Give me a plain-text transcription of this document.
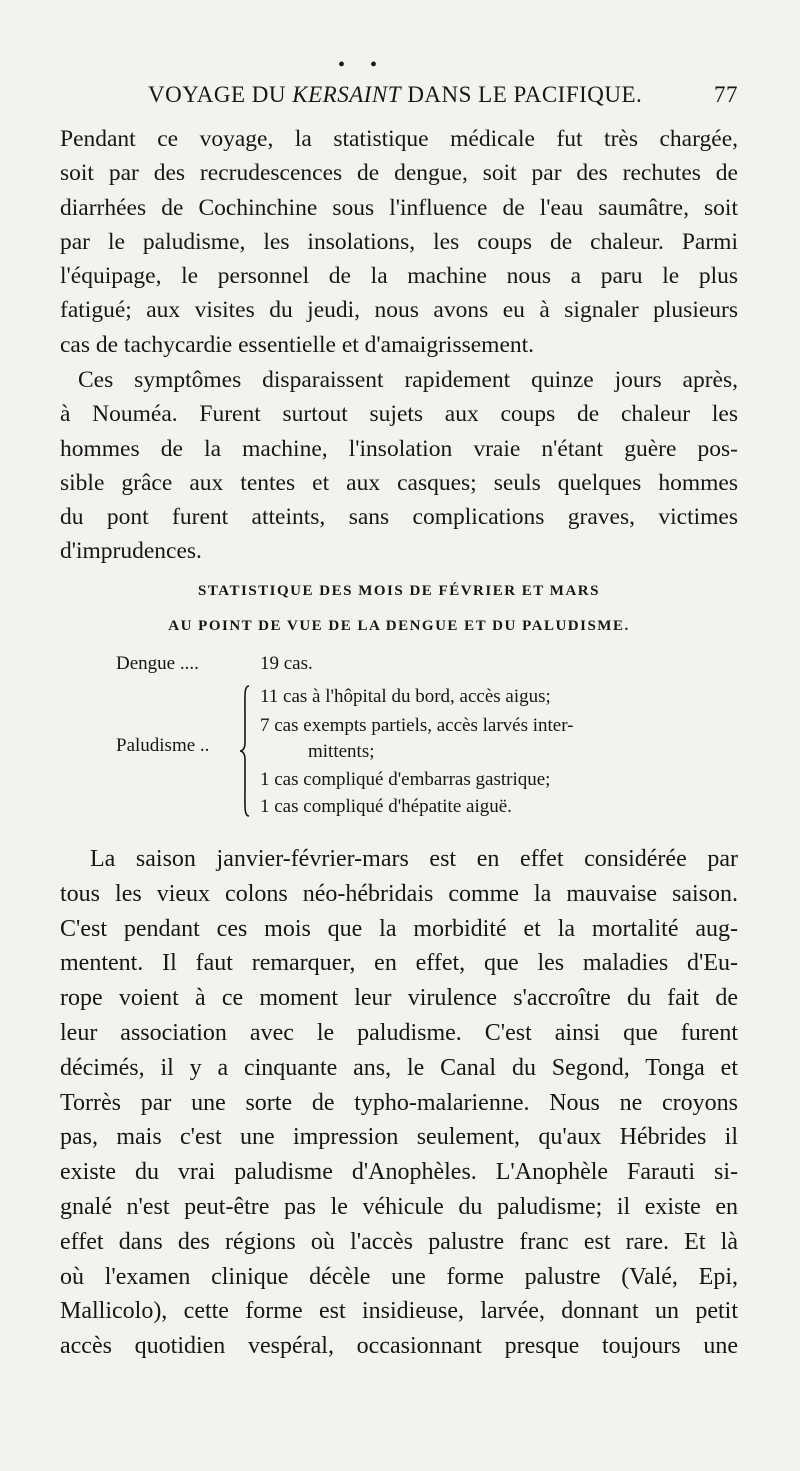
• •
VOYAGE DU KERSAINT DANS LE PACIFIQUE.	77
Pendant ce voyage, la statistique médicale fut très chargée,
soit par des recrudescences de dengue, soit par des rechutes de
diarrhées de Cochinchine sous l'influence de l'eau saumâtre, soit
par le paludisme, les insolations, les coups de chaleur. Parmi
l'équipage, le personnel de la machine nous a paru le plus
fatigué; aux visites du jeudi, nous avons eu à signaler plusieurs
cas de tachycardie essentielle et d'amaigrissement.
Ces symptômes disparaissent rapidement quinze jours après,
à Nouméa. Furent surtout sujets aux coups de chaleur les
hommes de la machine, l'insolation vraie n'étant guère pos-
sible grâce aux tentes et aux casques; seuls quelques hommes
du pont furent atteints, sans complications graves, victimes
d'imprudences.
STATISTIQUE DES MOIS DE FÉVRIER ET MARS
AU POINT DE VUE DE LA DENGUE ET DU PALUDISME.
Dengue ....	19 cas.
Paludisme ..
11 cas à l'hôpital du bord, accès aigus;
7 cas exempts partiels, accès larvés inter-
mittents;
1 cas compliqué d'embarras gastrique;
1 cas compliqué d'hépatite aiguë.
La saison janvier-février-mars est en effet considérée par
tous les vieux colons néo-hébridais comme la mauvaise saison.
C'est pendant ces mois que la morbidité et la mortalité aug-
mentent. Il faut remarquer, en effet, que les maladies d'Eu-
rope voient à ce moment leur virulence s'accroître du fait de
leur association avec le paludisme. C'est ainsi que furent
décimés, il y a cinquante ans, le Canal du Segond, Tonga et
Torrès par une sorte de typho-malarienne. Nous ne croyons
pas, mais c'est une impression seulement, qu'aux Hébrides il
existe du vrai paludisme d'Anophèles. L'Anophèle Farauti si-
gnalé n'est peut-être pas le véhicule du paludisme; il existe en
effet dans des régions où l'accès palustre franc est rare. Et là
où l'examen clinique décèle une forme palustre (Valé, Epi,
Mallicolo), cette forme est insidieuse, larvée, donnant un petit
accès quotidien vespéral, occasionnant presque toujours une
